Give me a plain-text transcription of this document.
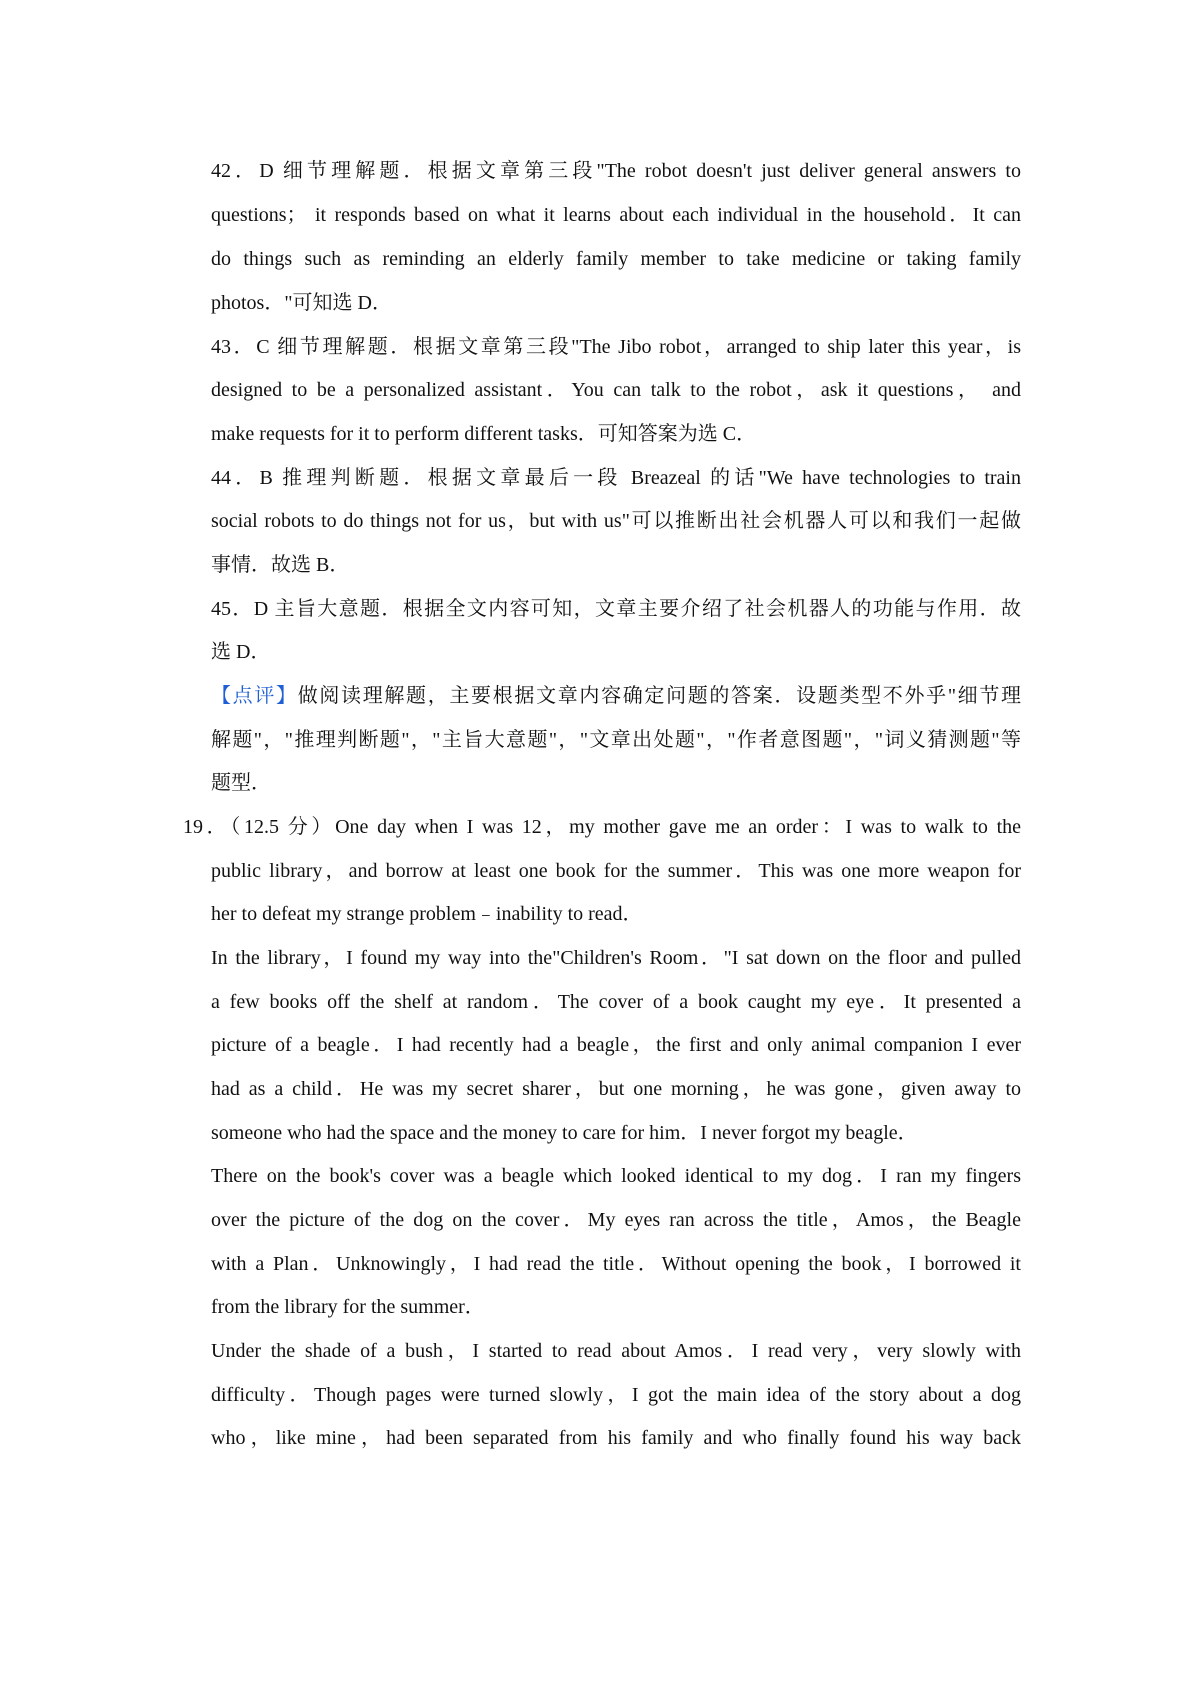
42．D 细节理解题．根据文章第三段"The robot doesn't just deliver general answers to
questions； it responds based on what it learns about each individual in the household．It can
do things such as reminding an elderly family member to take medicine or taking family
photos．"可知选 D．
43．C 细节理解题．根据文章第三段"The Jibo robot，arranged to ship later this year，is
designed to be a personalized assistant．You can talk to the robot，ask it questions， and
make requests for it to perform different tasks．可知答案为选 C．
44．B 推理判断题．根据文章最后一段 Breazeal 的话"We have technologies to train
social robots to do things not for us，but with us"可以推断出社会机器人可以和我们一起做
事情．故选 B．
45．D 主旨大意题．根据全文内容可知，文章主要介绍了社会机器人的功能与作用．故
选 D．
【点评】做阅读理解题，主要根据文章内容确定问题的答案．设题类型不外乎"细节理
解题"，"推理判断题"，"主旨大意题"，"文章出处题"，"作者意图题"，"词义猜测题"等
题型．
19．（12.5 分）One day when I was 12，my mother gave me an order：I was to walk to the
public library，and borrow at least one book for the summer．This was one more weapon for
her to defeat my strange problem﹣inability to read．
In the library，I found my way into the"Children's Room．"I sat down on the floor and pulled
a few books off the shelf at random．The cover of a book caught my eye．It presented a
picture of a beagle．I had recently had a beagle，the first and only animal companion I ever
had as a child．He was my secret sharer，but one morning，he was gone，given away to
someone who had the space and the money to care for him．I never forgot my beagle．
There on the book's cover was a beagle which looked identical to my dog．I ran my fingers
over the picture of the dog on the cover．My eyes ran across the title，Amos，the Beagle
with a Plan．Unknowingly，I had read the title．Without opening the book，I borrowed it
from the library for the summer．
Under the shade of a bush，I started to read about Amos．I read very，very slowly with
difficulty．Though pages were turned slowly，I got the main idea of the story about a dog
who，like mine，had been separated from his family and who finally found his way back
